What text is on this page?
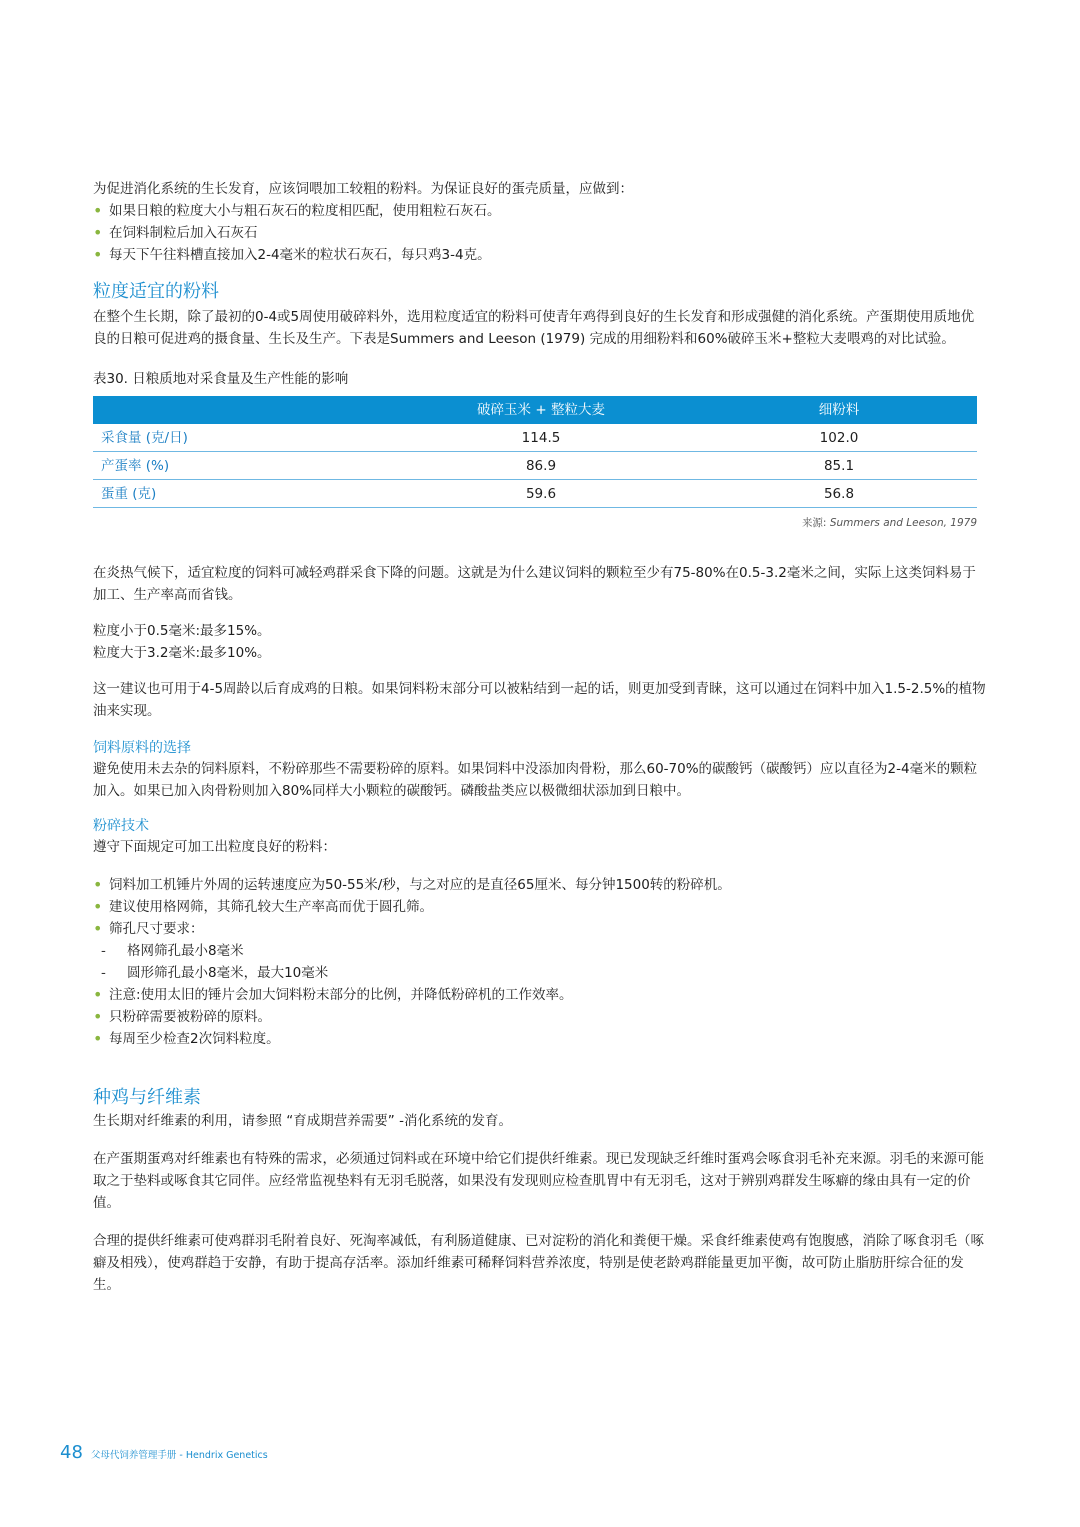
为促进消化系统的生长发育，应该饲喂加工较粗的粉料。为保证良好的蛋壳质量，应做到：

• 如果日粮的粒度大小与粗石灰石的粒度相匹配，使用粗粒石灰石。
• 在饲料制粒后加入石灰石
• 每天下午往料槽直接加入2-4毫米的粒状石灰石，每只鸡3-4克。
粒度适宜的粉料

在整个生长期，除了最初的0-4或5周使用破碎料外，选用粒度适宜的粉料可使青年鸡得到良好的生长发育和形成强健的消化系统。产蛋期使用质地优良的日粮可促进鸡的摄食量、生长及生产。下表是Summers and Leeson (1979) 完成的用细粉料和60%破碎玉米+整粒大麦喂鸡的对比试验。

表30. 日粮质地对采食量及生产性能的影响

	破碎玉米 + 整粒大麦	细粉料
采食量 (克/日)	114.5	102.0
产蛋率 (%)	86.9	85.1
蛋重 (克)	59.6	56.8
来源: Summers and Leeson, 1979

在炎热气候下，适宜粒度的饲料可减轻鸡群采食下降的问题。这就是为什么建议饲料的颗粒至少有75-80%在0.5-3.2毫米之间，实际上这类饲料易于加工、生产率高而省钱。

粒度小于0.5毫米:最多15%。

粒度大于3.2毫米:最多10%。

这一建议也可用于4-5周龄以后育成鸡的日粮。如果饲料粉末部分可以被粘结到一起的话，则更加受到青睐，这可以通过在饲料中加入1.5-2.5%的植物油来实现。

饲料原料的选择

避免使用未去杂的饲料原料，不粉碎那些不需要粉碎的原料。如果饲料中没添加肉骨粉，那么60-70%的碳酸钙（碳酸钙）应以直径为2-4毫米的颗粒加入。如果已加入肉骨粉则加入80%同样大小颗粒的碳酸钙。磷酸盐类应以极微细状添加到日粮中。

粉碎技术

遵守下面规定可加工出粒度良好的粉料：

• 饲料加工机锤片外周的运转速度应为50-55米/秒，与之对应的是直径65厘米、每分钟1500转的粉碎机。
• 建议使用格网筛，其筛孔较大生产率高而优于圆孔筛。
• 筛孔尺寸要求：
- 格网筛孔最小8毫米
- 圆形筛孔最小8毫米，最大10毫米
• 注意:使用太旧的锤片会加大饲料粉末部分的比例，并降低粉碎机的工作效率。
• 只粉碎需要被粉碎的原料。
• 每周至少检查2次饲料粒度。
种鸡与纤维素

生长期对纤维素的利用，请参照 “育成期营养需要” -消化系统的发育。

在产蛋期蛋鸡对纤维素也有特殊的需求，必须通过饲料或在环境中给它们提供纤维素。现已发现缺乏纤维时蛋鸡会啄食羽毛补充来源。羽毛的来源可能取之于垫料或啄食其它同伴。应经常监视垫料有无羽毛脱落，如果没有发现则应检查肌胃中有无羽毛，这对于辨别鸡群发生啄癖的缘由具有一定的价值。

合理的提供纤维素可使鸡群羽毛附着良好、死淘率减低，有利肠道健康、已对淀粉的消化和粪便干燥。采食纤维素使鸡有饱腹感，消除了啄食羽毛（啄癖及相残），使鸡群趋于安静，有助于提高存活率。添加纤维素可稀释饲料营养浓度，特别是使老龄鸡群能量更加平衡，故可防止脂肪肝综合征的发生。

48 父母代饲养管理手册 - Hendrix Genetics
